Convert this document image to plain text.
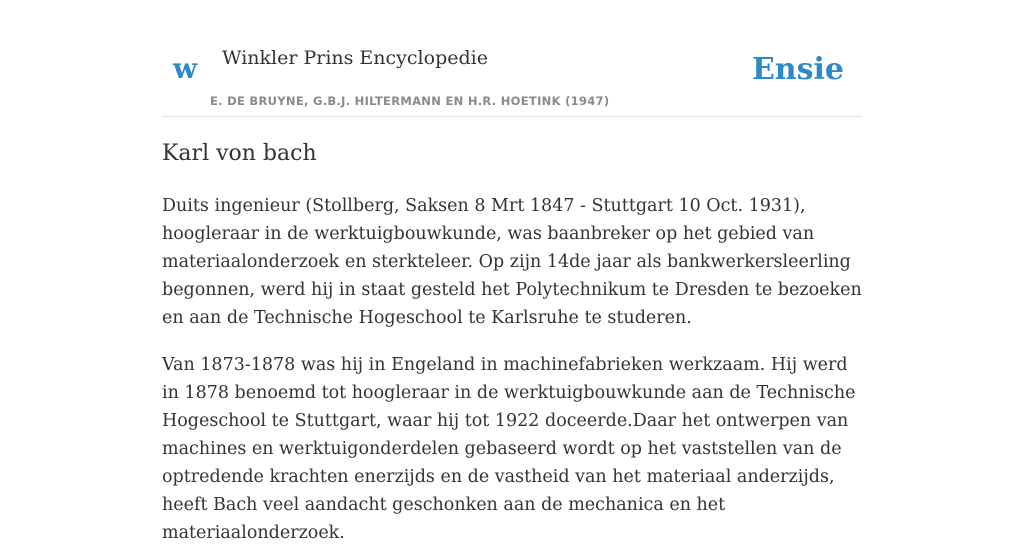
w Winkler Prins Encyclopedie
E. DE BRUYNE, G.B.J. HILTERMANN EN H.R. HOETINK (1947)
Ensie
Karl von bach

Duits ingenieur (Stollberg, Saksen 8 Mrt 1847 - Stuttgart 10 Oct. 1931), hoogleraar in de werktuigbouwkunde, was baanbreker op het gebied van materiaalonderzoek en sterkteleer. Op zijn 14de jaar als bankwerkersleerling begonnen, werd hij in staat gesteld het Polytechnikum te Dresden te bezoeken en aan de Technische Hogeschool te Karlsruhe te studeren.

Van 1873-1878 was hij in Engeland in machinefabrieken werkzaam. Hij werd in 1878 benoemd tot hoogleraar in de werktuigbouwkunde aan de Technische Hogeschool te Stuttgart, waar hij tot 1922 doceerde.Daar het ontwerpen van machines en werktuigonderdelen gebaseerd wordt op het vaststellen van de optredende krachten enerzijds en de vastheid van het materiaal anderzijds, heeft Bach veel aandacht geschonken aan de mechanica en het materiaalonderzoek.
